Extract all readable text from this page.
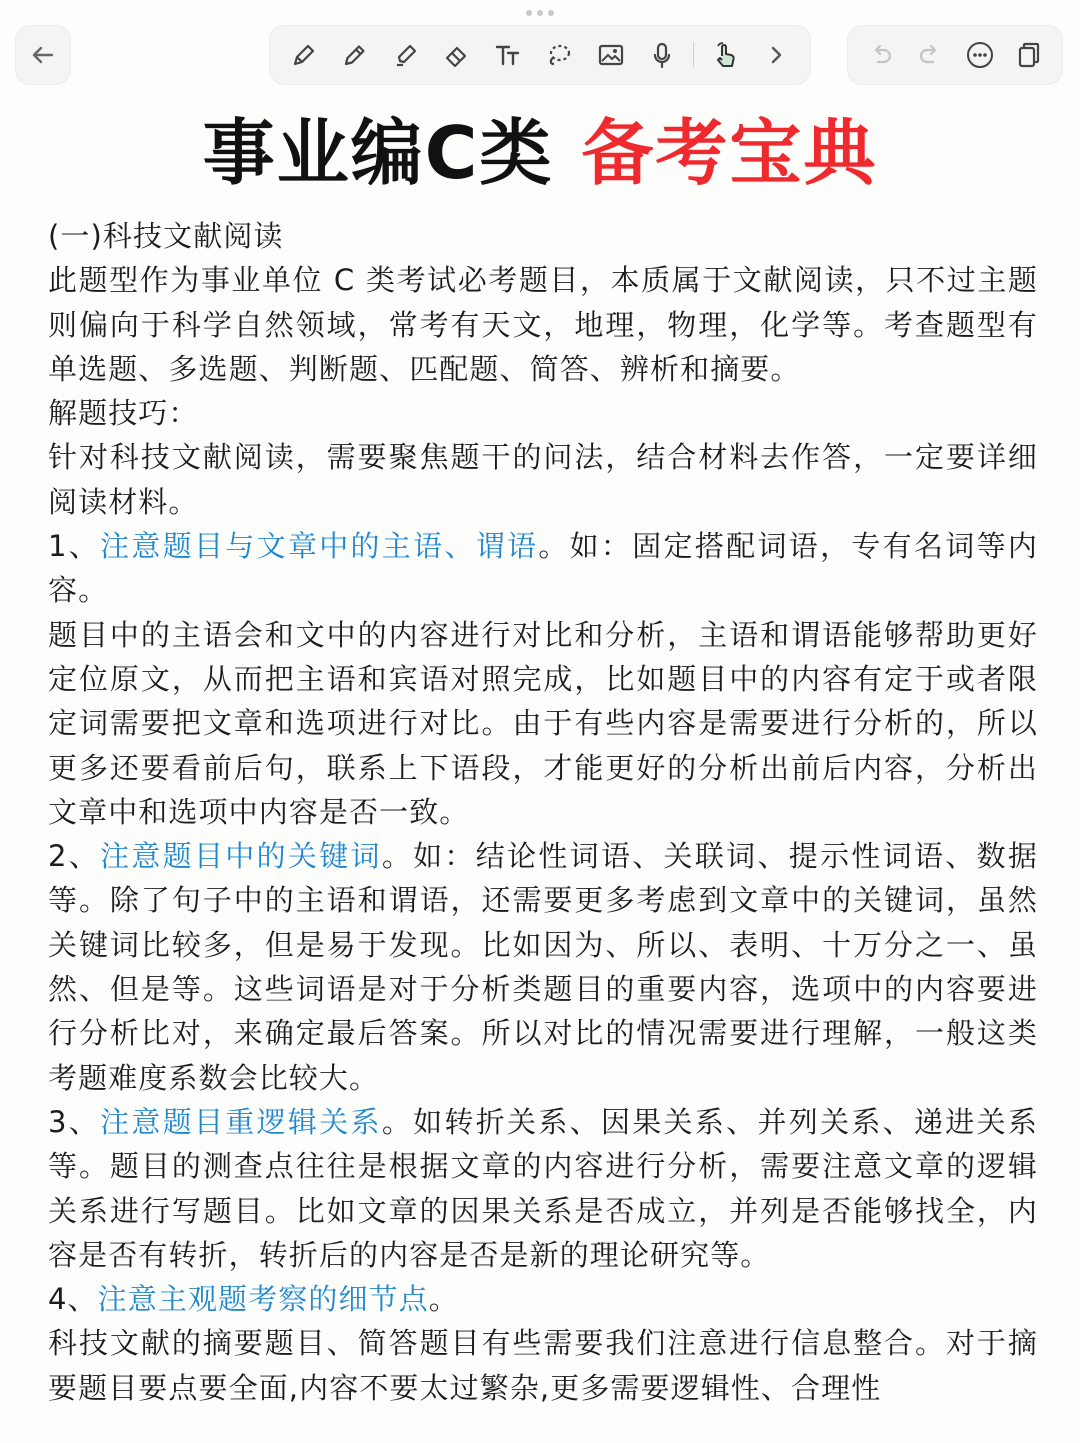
事业编C类 备考宝典

(一)科技文献阅读

此题型作为事业单位 C 类考试必考题目，本质属于文献阅读，只不过主题则偏向于科学自然领域，常考有天文，地理，物理，化学等。考查题型有单选题、多选题、判断题、匹配题、简答、辨析和摘要。

解题技巧：

针对科技文献阅读，需要聚焦题干的问法，结合材料去作答，一定要详细阅读材料。

1、注意题目与文章中的主语、谓语。如：固定搭配词语，专有名词等内容。

题目中的主语会和文中的内容进行对比和分析，主语和谓语能够帮助更好定位原文，从而把主语和宾语对照完成，比如题目中的内容有定于或者限定词需要把文章和选项进行对比。由于有些内容是需要进行分析的，所以更多还要看前后句，联系上下语段，才能更好的分析出前后内容，分析出文章中和选项中内容是否一致。

2、注意题目中的关键词。如：结论性词语、关联词、提示性词语、数据等。除了句子中的主语和谓语，还需要更多考虑到文章中的关键词，虽然关键词比较多，但是易于发现。比如因为、所以、表明、十万分之一、虽然、但是等。这些词语是对于分析类题目的重要内容，选项中的内容要进行分析比对，来确定最后答案。所以对比的情况需要进行理解，一般这类考题难度系数会比较大。

3、注意题目重逻辑关系。如转折关系、因果关系、并列关系、递进关系等。题目的测查点往往是根据文章的内容进行分析，需要注意文章的逻辑关系进行写题目。比如文章的因果关系是否成立，并列是否能够找全，内容是否有转折，转折后的内容是否是新的理论研究等。

4、注意主观题考察的细节点。

科技文献的摘要题目、简答题目有些需要我们注意进行信息整合。对于摘要题目要点要全面,内容不要太过繁杂,更多需要逻辑性、合理性
